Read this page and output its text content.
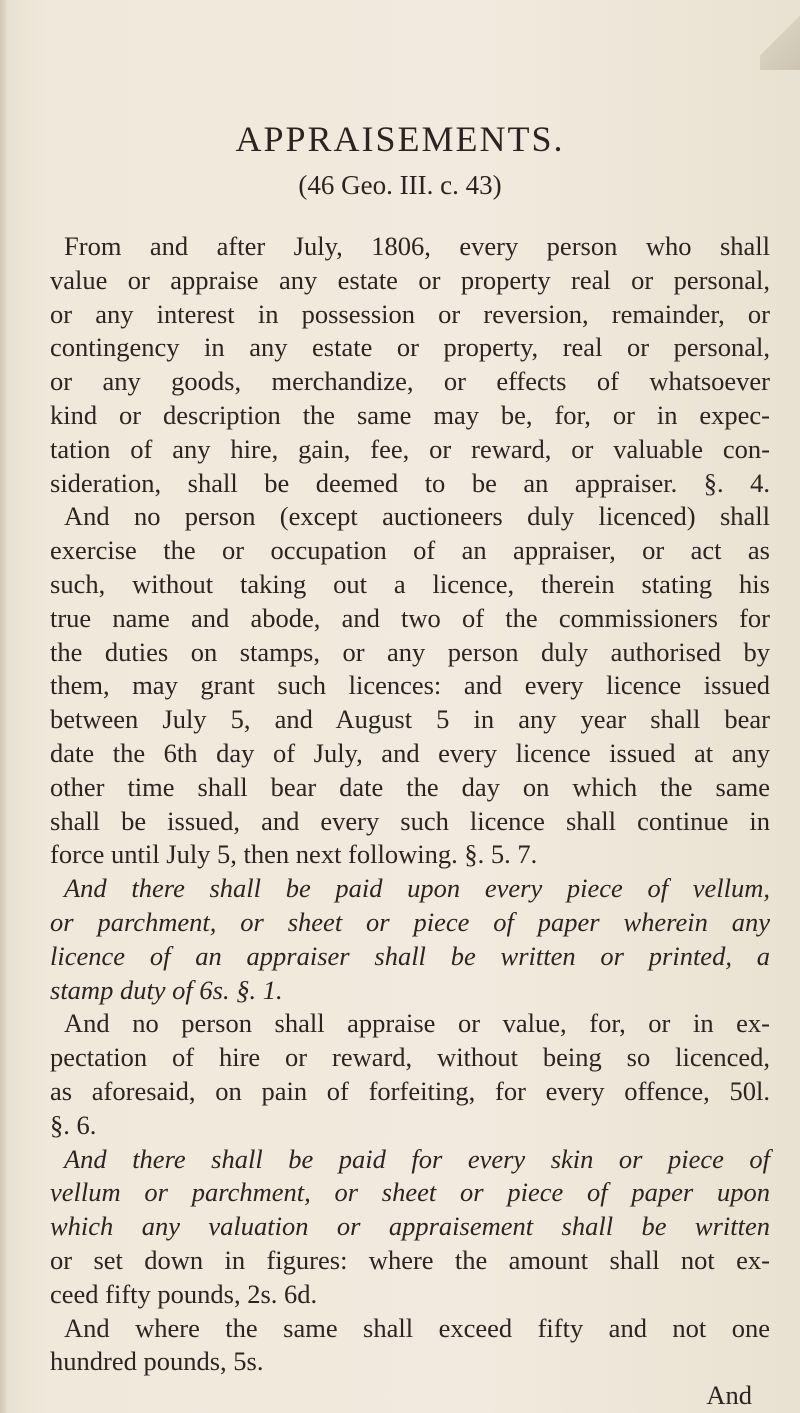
APPRAISEMENTS.
(46 Geo. III. c. 43)
From and after July, 1806, every person who shall
value or appraise any estate or property real or personal,
or any interest in possession or reversion, remainder, or
contingency in any estate or property, real or personal,
or any goods, merchandize, or effects of whatsoever
kind or description the same may be, for, or in expec-
tation of any hire, gain, fee, or reward, or valuable con-
sideration, shall be deemed to be an appraiser. §. 4.
And no person (except auctioneers duly licenced) shall
exercise the or occupation of an appraiser, or act as
such, without taking out a licence, therein stating his
true name and abode, and two of the commissioners for
the duties on stamps, or any person duly authorised by
them, may grant such licences: and every licence issued
between July 5, and August 5 in any year shall bear
date the 6th day of July, and every licence issued at any
other time shall bear date the day on which the same
shall be issued, and every such licence shall continue in
force until July 5, then next following. §. 5. 7.
And there shall be paid upon every piece of vellum,
or parchment, or sheet or piece of paper wherein any
licence of an appraiser shall be written or printed, a
stamp duty of 6s. §. 1.
And no person shall appraise or value, for, or in ex-
pectation of hire or reward, without being so licenced,
as aforesaid, on pain of forfeiting, for every offence, 50l.
§. 6.
And there shall be paid for every skin or piece of
vellum or parchment, or sheet or piece of paper upon
which any valuation or appraisement shall be written
or set down in figures: where the amount shall not ex-
ceed fifty pounds, 2s. 6d.
And where the same shall exceed fifty and not one
hundred pounds, 5s.
And
